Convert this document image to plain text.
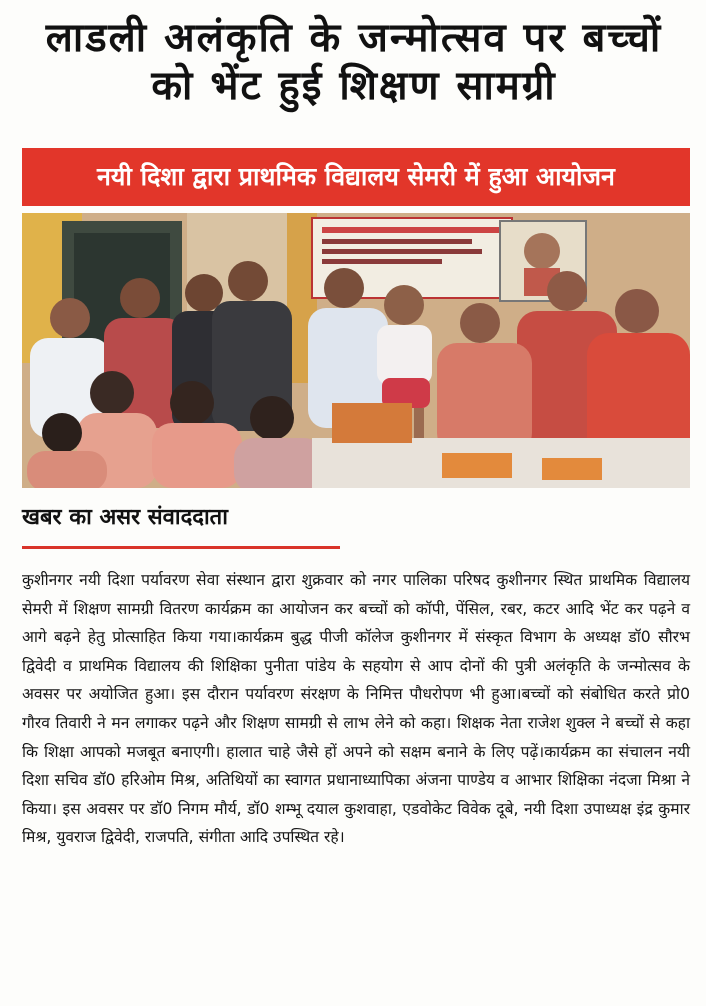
लाडली अलंकृति के जन्मोत्सव पर बच्चों को भेंट हुई शिक्षण सामग्री
नयी दिशा द्वारा प्राथमिक विद्यालय सेमरी में हुआ आयोजन
खबर का असर संवाददाता
कुशीनगर नयी दिशा पर्यावरण सेवा संस्थान द्वारा शुक्रवार को नगर पालिका परिषद कुशीनगर स्थित प्राथमिक विद्यालय सेमरी में शिक्षण सामग्री वितरण कार्यक्रम का आयोजन कर बच्चों को कॉपी, पेंसिल, रबर, कटर आदि भेंट कर पढ़ने व आगे बढ़ने हेतु प्रोत्साहित किया गया।कार्यक्रम बुद्ध पीजी कॉलेज कुशीनगर में संस्कृत विभाग के अध्यक्ष डॉ0 सौरभ द्विवेदी व प्राथमिक विद्यालय की शिक्षिका पुनीता पांडेय के सहयोग से आप दोनों की पुत्री अलंकृति के जन्मोत्सव के अवसर पर अयोजित हुआ। इस दौरान पर्यावरण संरक्षण के निमित्त पौधरोपण भी हुआ।बच्चों को संबोधित करते प्रो0 गौरव तिवारी ने मन लगाकर पढ़ने और शिक्षण सामग्री से लाभ लेने को कहा। शिक्षक नेता राजेश शुक्ल ने बच्चों से कहा कि शिक्षा आपको मजबूत बनाएगी। हालात चाहे जैसे हों अपने को सक्षम बनाने के लिए पढ़ें।कार्यक्रम का संचालन नयी दिशा सचिव डॉ0 हरिओम मिश्र, अतिथियों का स्वागत प्रधानाध्यापिका अंजना पाण्डेय व आभार शिक्षिका नंदजा मिश्रा ने किया। इस अवसर पर डॉ0 निगम मौर्य, डॉ0 शम्भू दयाल कुशवाहा, एडवोकेट विवेक दूबे, नयी दिशा उपाध्यक्ष इंद्र कुमार मिश्र, युवराज द्विवेदी, राजपति, संगीता आदि उपस्थित रहे।
